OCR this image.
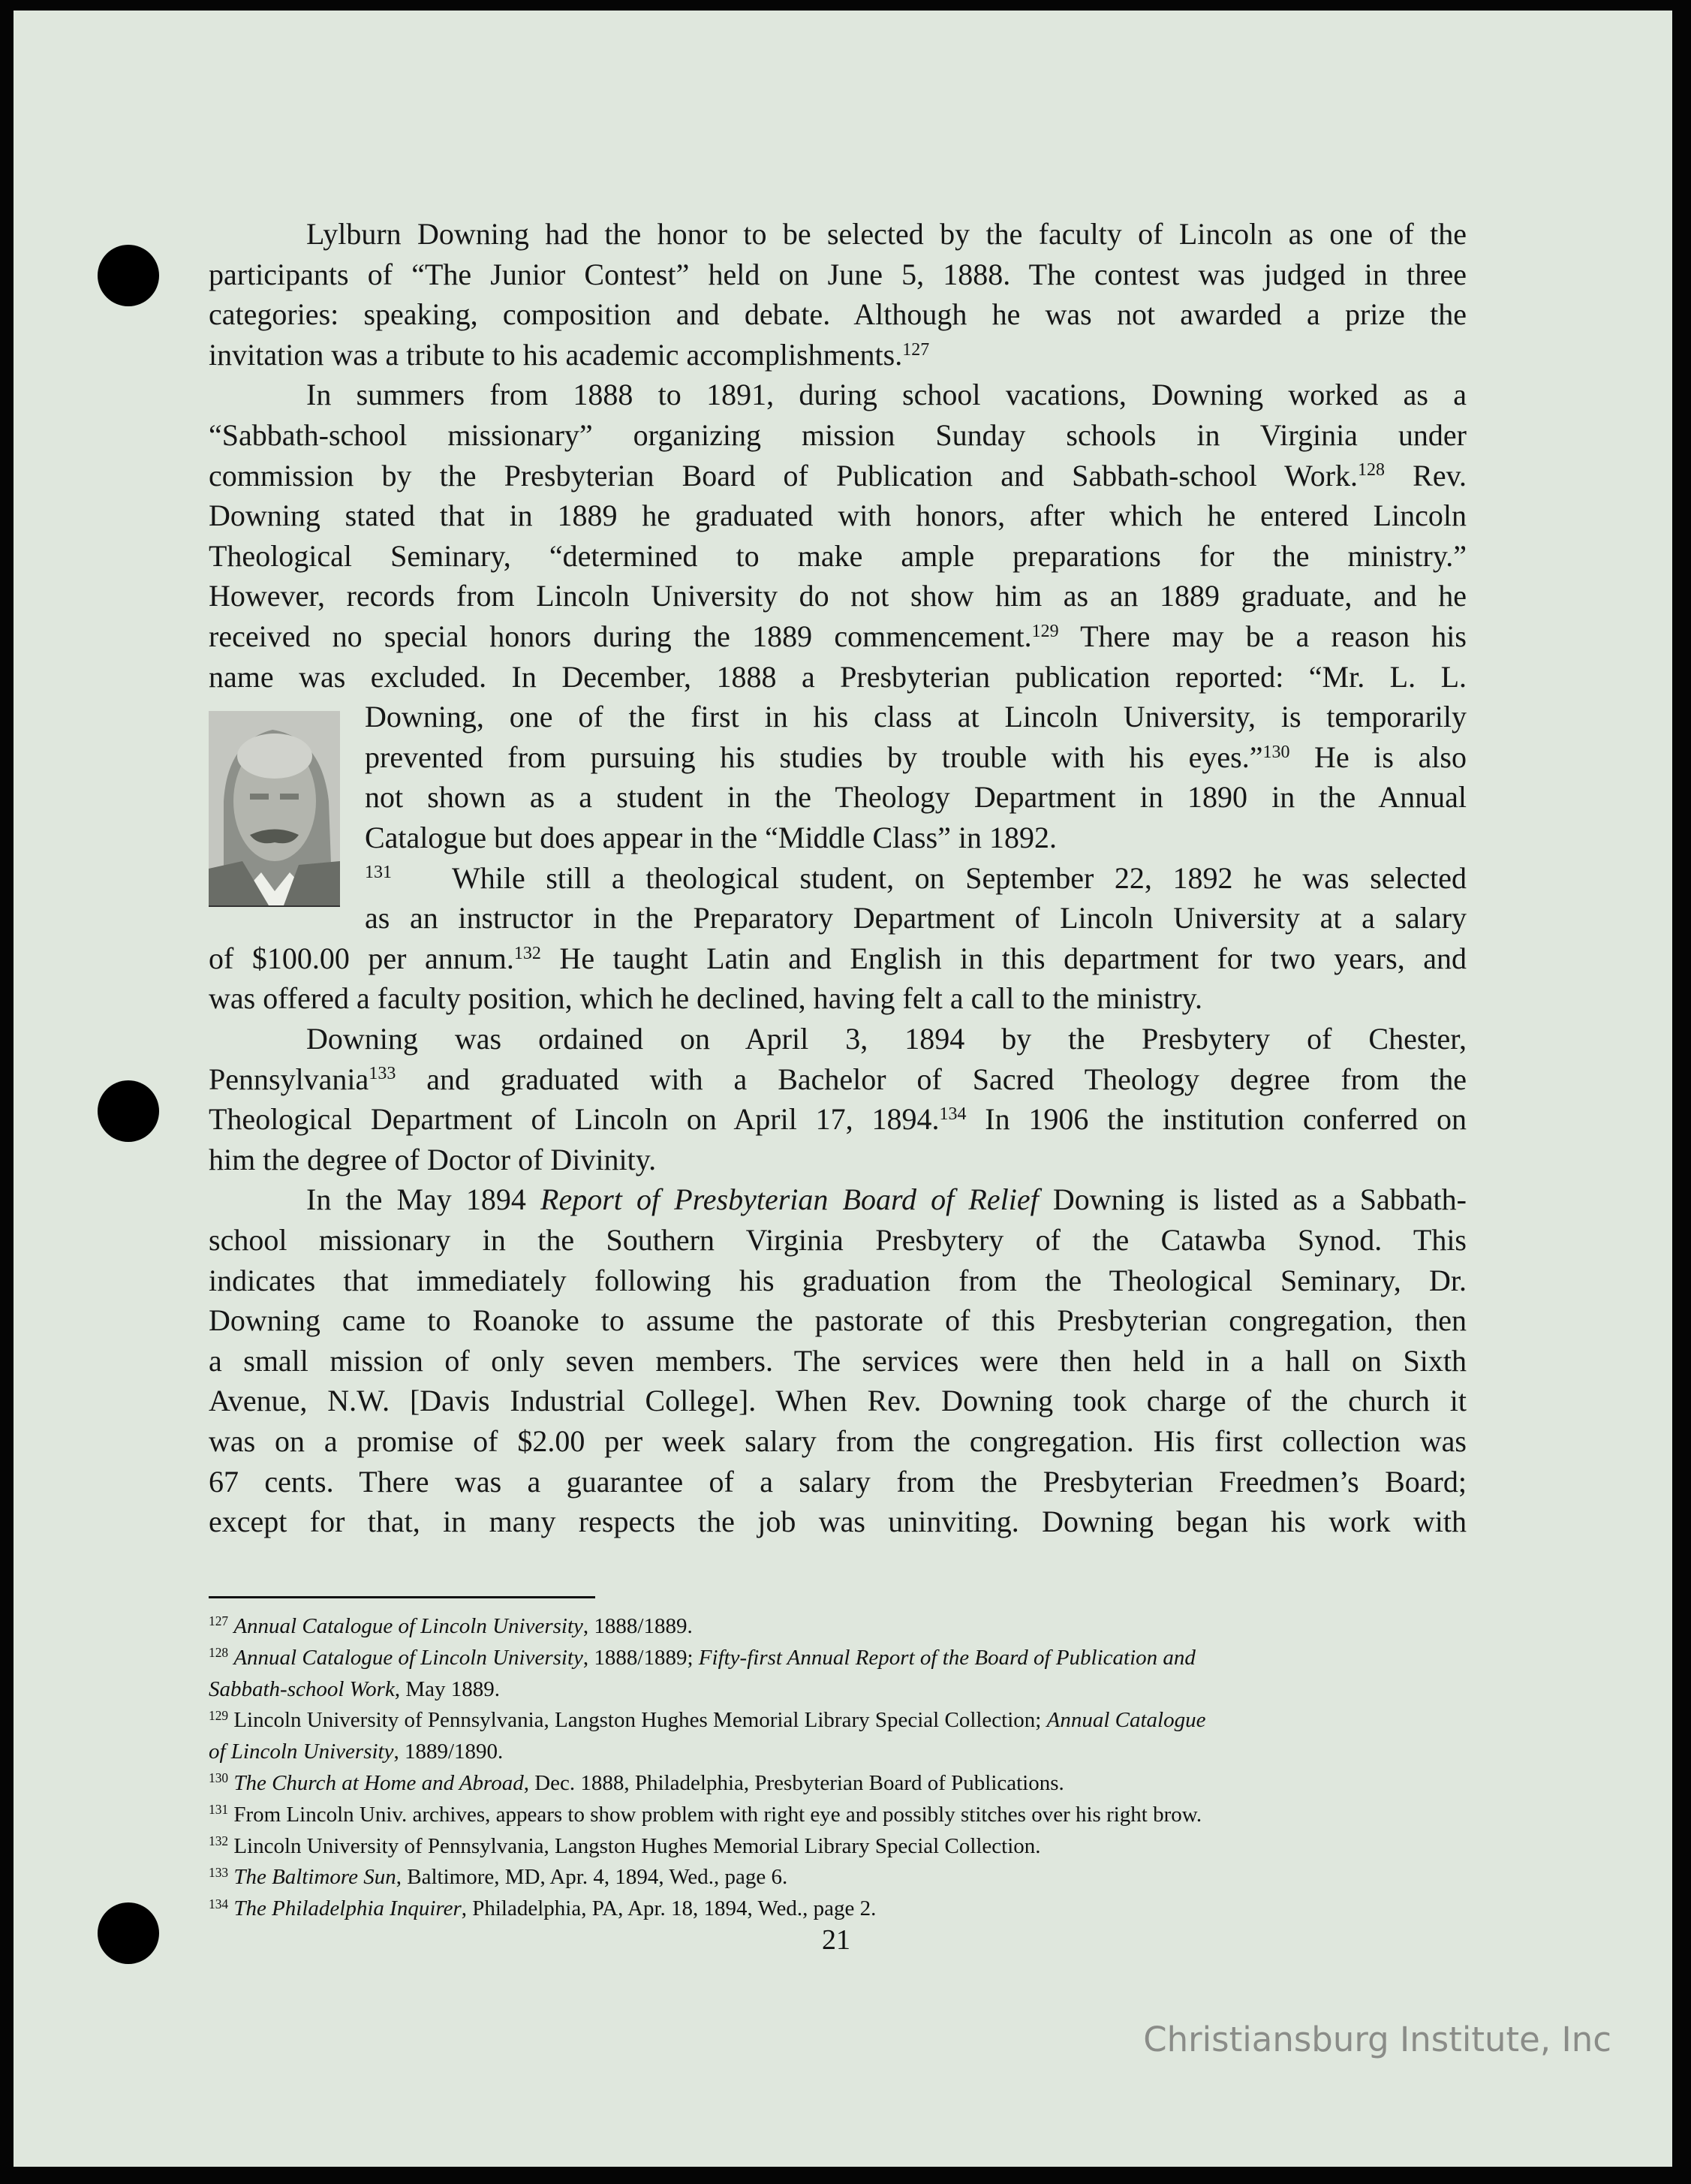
Lylburn Downing had the honor to be selected by the faculty of Lincoln as one of the
participants of “The Junior Contest” held on June 5, 1888. The contest was judged in three
categories: speaking, composition and debate. Although he was not awarded a prize the
invitation was a tribute to his academic accomplishments.$^{127}$
In summers from 1888 to 1891, during school vacations, Downing worked as a
“Sabbath-school missionary” organizing mission Sunday schools in Virginia under
commission by the Presbyterian Board of Publication and Sabbath-school Work.$^{128}$ Rev.
Downing stated that in 1889 he graduated with honors, after which he entered Lincoln
Theological Seminary, “determined to make ample preparations for the ministry.”
However, records from Lincoln University do not show him as an 1889 graduate, and he
received no special honors during the 1889 commencement.$^{129}$ There may be a reason his
name was excluded. In December, 1888 a Presbyterian publication reported: “Mr. L. L.
Downing, one of the first in his class at Lincoln University, is temporarily
prevented from pursuing his studies by trouble with his eyes.”$^{130}$ He is also
not shown as a student in the Theology Department in 1890 in the Annual
Catalogue but does appear in the “Middle Class” in 1892.
$^{131}$  While still a theological student, on September 22, 1892 he was selected
as an instructor in the Preparatory Department of Lincoln University at a salary
of $100.00 per annum.$^{132}$ He taught Latin and English in this department for two years, and
was offered a faculty position, which he declined, having felt a call to the ministry.
Downing was ordained on April 3, 1894 by the Presbytery of Chester,
Pennsylvania$^{133}$ and graduated with a Bachelor of Sacred Theology degree from the
Theological Department of Lincoln on April 17, 1894.$^{134}$ In 1906 the institution conferred on
him the degree of Doctor of Divinity.
In the May 1894 Report of Presbyterian Board of Relief Downing is listed as a Sabbath-
school missionary in the Southern Virginia Presbytery of the Catawba Synod. This
indicates that immediately following his graduation from the Theological Seminary, Dr.
Downing came to Roanoke to assume the pastorate of this Presbyterian congregation, then
a small mission of only seven members. The services were then held in a hall on Sixth
Avenue, N.W. [Davis Industrial College]. When Rev. Downing took charge of the church it
was on a promise of $2.00 per week salary from the congregation. His first collection was
67 cents. There was a guarantee of a salary from the Presbyterian Freedmen’s Board;
except for that, in many respects the job was uninviting. Downing began his work with
$^{127}$ Annual Catalogue of Lincoln University, 1888/1889.
$^{128}$ Annual Catalogue of Lincoln University, 1888/1889; Fifty-first Annual Report of the Board of Publication and
Sabbath-school Work, May 1889.
$^{129}$ Lincoln University of Pennsylvania, Langston Hughes Memorial Library Special Collection; Annual Catalogue
of Lincoln University, 1889/1890.
$^{130}$ The Church at Home and Abroad, Dec. 1888, Philadelphia, Presbyterian Board of Publications.
$^{131}$ From Lincoln Univ. archives, appears to show problem with right eye and possibly stitches over his right brow.
$^{132}$ Lincoln University of Pennsylvania, Langston Hughes Memorial Library Special Collection.
$^{133}$ The Baltimore Sun, Baltimore, MD, Apr. 4, 1894, Wed., page 6.
$^{134}$ The Philadelphia Inquirer, Philadelphia, PA, Apr. 18, 1894, Wed., page 2.
21
Christiansburg Institute, Inc
